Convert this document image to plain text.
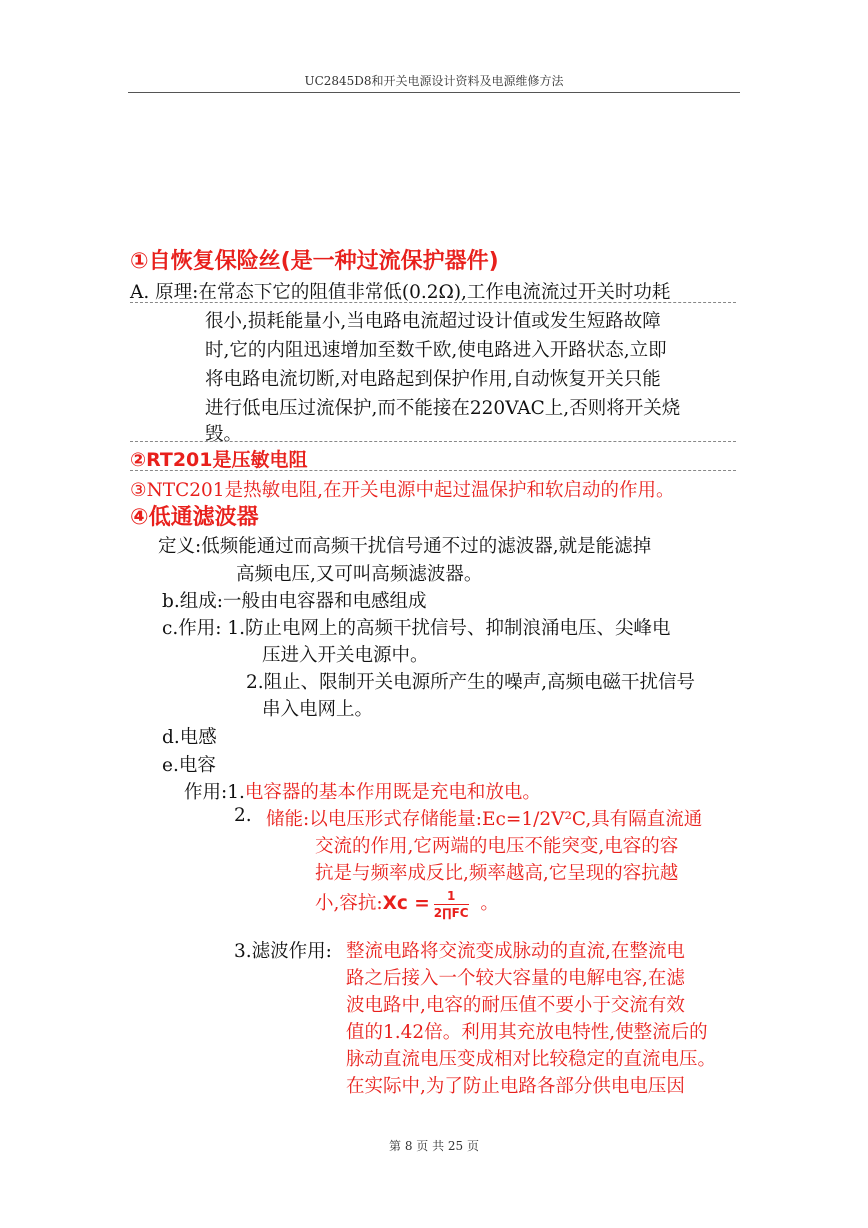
UC2845D8和开关电源设计资料及电源维修方法
①自恢复保险丝(是一种过流保护器件)
A. 原理:在常态下它的阻值非常低(0.2Ω),工作电流流过开关时功耗
很小,损耗能量小,当电路电流超过设计值或发生短路故障
时,它的内阻迅速增加至数千欧,使电路进入开路状态,立即
将电路电流切断,对电路起到保护作用,自动恢复开关只能
进行低电压过流保护,而不能接在220VAC上,否则将开关烧
毁。
②RT201是压敏电阻
③NTC201是热敏电阻,在开关电源中起过温保护和软启动的作用。
④低通滤波器
定义:低频能通过而高频干扰信号通不过的滤波器,就是能滤掉
高频电压,又可叫高频滤波器。
b.组成:一般由电容器和电感组成
c.作用: 1.防止电网上的高频干扰信号、抑制浪涌电压、尖峰电
压进入开关电源中。
2.阻止、限制开关电源所产生的噪声,高频电磁干扰信号
串入电网上。
d.电感
e.电容
作用:1.电容器的基本作用既是充电和放电。
2. 储能:以电压形式存储能量:Ec=1/2V²C,具有隔直流通
交流的作用,它两端的电压不能突变,电容的容
抗是与频率成反比,频率越高,它呈现的容抗越
小,容抗:Xc = $\frac{1}{2\prod FC}$ 。
3.滤波作用: 整流电路将交流变成脉动的直流,在整流电
路之后接入一个较大容量的电解电容,在滤
波电路中,电容的耐压值不要小于交流有效
值的1.42倍。利用其充放电特性,使整流后的
脉动直流电压变成相对比较稳定的直流电压。
在实际中,为了防止电路各部分供电电压因
第 8 页 共 25 页
